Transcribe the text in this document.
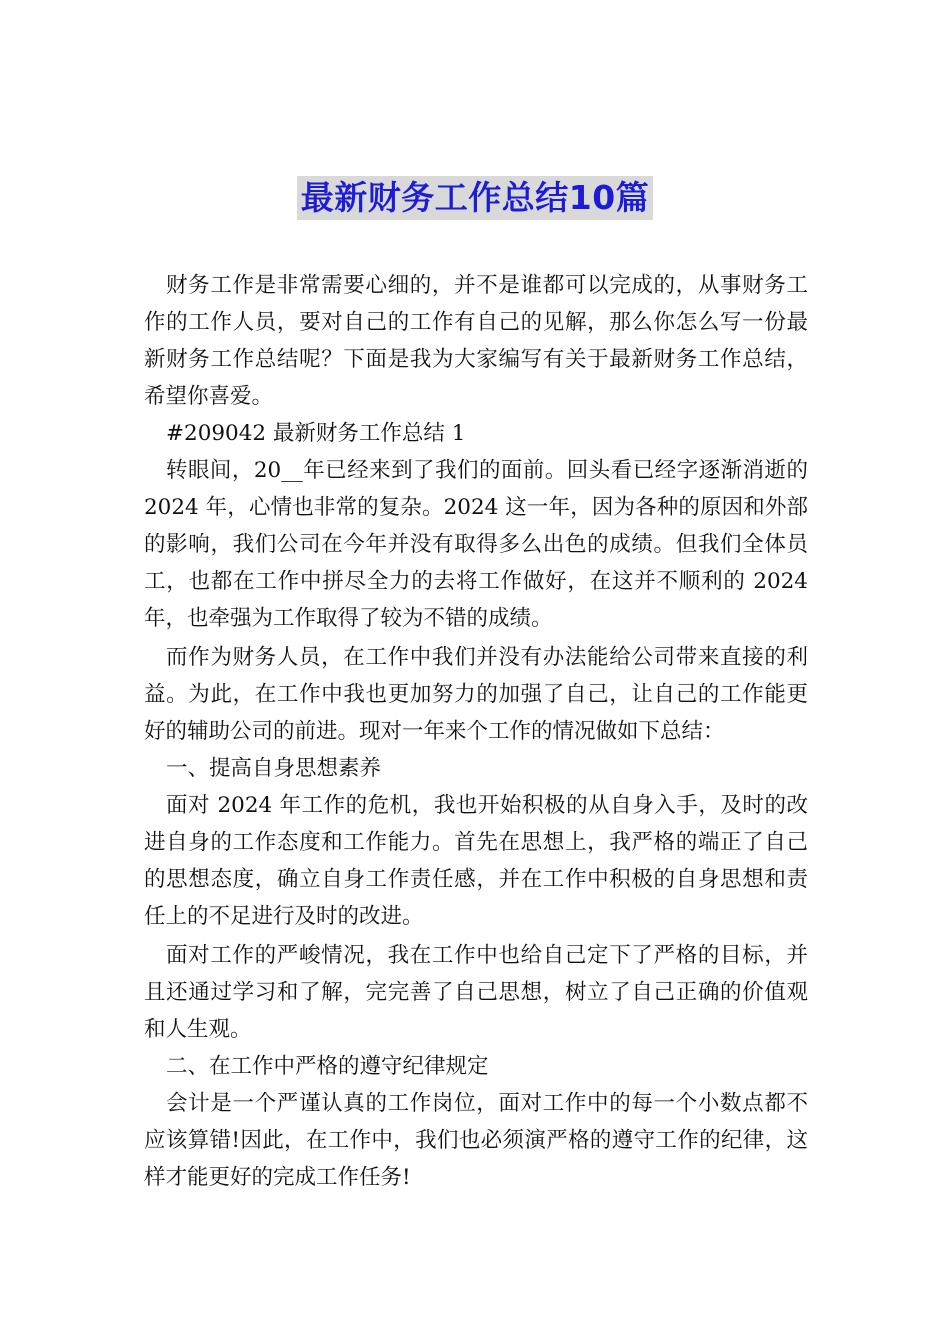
最新财务工作总结10篇

财务工作是非常需要心细的，并不是谁都可以完成的，从事财务工作的工作人员，要对自己的工作有自己的见解，那么你怎么写一份最新财务工作总结呢？下面是我为大家编写有关于最新财务工作总结，希望你喜爱。

#209042 最新财务工作总结 1

转眼间，20__年已经来到了我们的面前。回头看已经字逐渐消逝的 2024 年，心情也非常的复杂。2024 这一年，因为各种的原因和外部的影响，我们公司在今年并没有取得多么出色的成绩。但我们全体员工，也都在工作中拼尽全力的去将工作做好，在这并不顺利的 2024 年，也牵强为工作取得了较为不错的成绩。

而作为财务人员，在工作中我们并没有办法能给公司带来直接的利益。为此，在工作中我也更加努力的加强了自己，让自己的工作能更好的辅助公司的前进。现对一年来个工作的情况做如下总结：

一、提高自身思想素养

面对 2024 年工作的危机，我也开始积极的从自身入手，及时的改进自身的工作态度和工作能力。首先在思想上，我严格的端正了自己的思想态度，确立自身工作责任感，并在工作中积极的自身思想和责任上的不足进行及时的改进。

面对工作的严峻情况，我在工作中也给自己定下了严格的目标，并且还通过学习和了解，完完善了自己思想，树立了自己正确的价值观和人生观。

二、在工作中严格的遵守纪律规定

会计是一个严谨认真的工作岗位，面对工作中的每一个小数点都不应该算错!因此，在工作中，我们也必须演严格的遵守工作的纪律，这样才能更好的完成工作任务!
